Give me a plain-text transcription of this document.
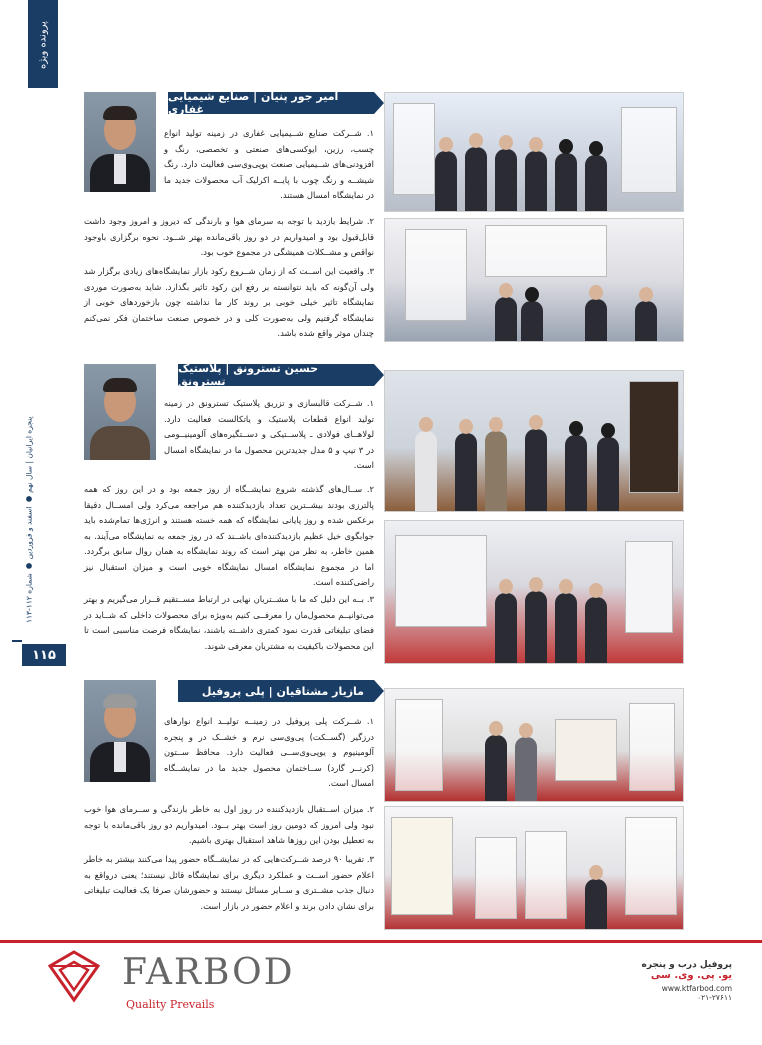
پرونده ویژه
پنجره ایرانیان | سال نهم ● اسفند و فروردین ● شماره ۱۱۲-۱۱۳
۱۱۵
امیر جور پنیان | صنایع شیمیایی غفاری
۱. شــرکت صنایع شــیمیایی غفاری در زمینه تولید انواع چسب، رزین، ایوکسی‌های صنعتی و تخصصی، رنگ و افزودنی‌های شــیمیایی صنعت یوپی‌وی‌سی فعالیت دارد. رنگ شیشــه و رنگ چوب با پایــه اکرلیک آب محصولات جدید ما در نمایشگاه امسال هستند.
۲. شرایط بازدید با توجه به سرمای هوا و بارندگی که دیروز و امروز وجود داشت قابل‌قبول بود و امیدواریم در دو روز باقی‌مانده بهتر شــود. نحوه برگزاری باوجود نواقص و مشــکلات همیشگی در مجموع خوب بود.
۳. واقعیت این اســت که از زمان شــروع رکود بازار نمایشگاه‌های زیادی برگزار شد ولی آن‌گونه که باید نتوانسته بر رفع این رکود تاثیر بگذارد. شاید به‌صورت موردی نمایشگاه تاثیر خیلی خوبی بر روند کار ما نداشته چون بازخوردهای خوبی از نمایشگاه گرفتیم ولی به‌صورت کلی و در خصوص صنعت ساختمان فکر نمی‌کنم چندان موثر واقع شده باشد.
حسین تسترونق | پلاستیک تسترونق
۱. شــرکت قالبسازی و تزریق پلاستیک تسترونق در زمینه تولید انواع قطعات پلاستیک و یاتکالست فعالیت دارد. لولاهــای فولادی ـ پلاســتیکی و دســتگیره‌های آلومینیــومی در ۳ تیپ و ۵ مدل جدیدترین محصول ما در نمایشگاه امسال است.
۲. ســال‌های گذشته شروع نمایشــگاه از روز جمعه بود و در این روز که همه پالترزی بودند بیشــترین تعداد بازدیدکننده هم مراجعه می‌کرد ولی امســال دقیقا برعکس شده و روز پایانی نمایشگاه که همه خسته هستند و انرژی‌ها تمام‌شده باید جوابگوی خیل عظیم بازدیدکننده‌ای باشــند که در روز جمعه به نمایشگاه می‌آیند. به همین خاطر، به نظر من بهتر است که روند نمایشگاه به همان روال سابق برگردد. اما در مجموع نمایشگاه امسال نمایشگاه خوبی است و میزان استقبال نیز راضی‌کننده است.
۳. بــه این دلیل که ما با مشــتریان نهایی در ارتباط مســتقیم قــرار می‌گیریم و بهتر می‌توانیــم محصول‌مان را معرفــی کنیم به‌ویژه برای محصولات داخلی که شــاید در فضای تبلیغاتی قدرت نمود کمتری داشــته باشند، نمایشگاه فرصت مناسبی است تا این محصولات باکیفیت به مشتریان معرفی شوند.
مازیار مشتاقیان | پلی پروفیل
۱. شــرکت پلی پروفیل در زمینــه تولیــد انواع نوارهای درزگیر (گســکت) پی‌وی‌سی نرم و خشــک در و پنجره آلومینیوم و یوپی‌وی‌ســی فعالیت دارد. محافظ ســتون (کرنــر گارد) ســاختمان محصول جدید ما در نمایشــگاه امسال است.
۲. میزان اســتقبال بازدیدکننده در روز اول به خاطر بارندگی و ســرمای هوا خوب نبود ولی امروز که دومین روز است بهتر بــود. امیدواریم دو روز باقی‌مانده با توجه به تعطیل بودن این روزها شاهد استقبال بهتری باشیم.
۳. تقریبا ۹۰ درصد شــرکت‌هایی که در نمایشــگاه حضور پیدا می‌کنند بیشتر به خاطر اعلام حضور اســت و عملکرد دیگری برای نمایشگاه قائل نیستند؛ یعنی درواقع به دنبال جذب مشــتری و ســایر مسائل نیستند و حضورشان صرفا یک فعالیت تبلیغاتی برای نشان دادن برند و اعلام حضور در بازار است.
FARBOD
Quality Prevails
پروفیل درب و پنجره
یو. پی. وی. سی
www.ktfarbod.com
۰۲۱-۲۷۶۱۱
